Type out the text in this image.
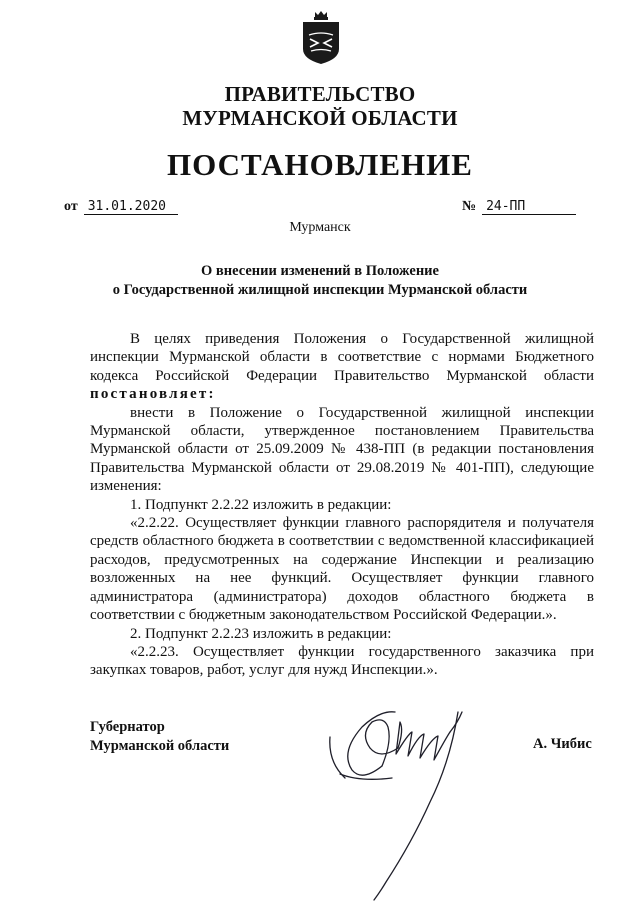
ПРАВИТЕЛЬСТВО
МУРМАНСКОЙ ОБЛАСТИ
ПОСТАНОВЛЕНИЕ
от 31.01.2020	№ 24-ПП
Мурманск
О внесении изменений в Положение
о Государственной жилищной инспекции Мурманской области

В целях приведения Положения о Государственной жилищной инспекции Мурманской области в соответствие с нормами Бюджетного кодекса Российской Федерации Правительство Мурманской области постановляет:

внести в Положение о Государственной жилищной инспекции Мурманской области, утвержденное постановлением Правительства Мурманской области от 25.09.2009 № 438-ПП (в редакции постановления Правительства Мурманской области от 29.08.2019 № 401-ПП), следующие изменения:

1. Подпункт 2.2.22 изложить в редакции:

«2.2.22. Осуществляет функции главного распорядителя и получателя средств областного бюджета в соответствии с ведомственной классификацией расходов, предусмотренных на содержание Инспекции и реализацию возложенных на нее функций. Осуществляет функции главного администратора (администратора) доходов областного бюджета в соответствии с бюджетным законодательством Российской Федерации.».

2. Подпункт 2.2.23 изложить в редакции:

«2.2.23. Осуществляет функции государственного заказчика при закупках товаров, работ, услуг для нужд Инспекции.».

Губернатор
Мурманской области	А. Чибис
